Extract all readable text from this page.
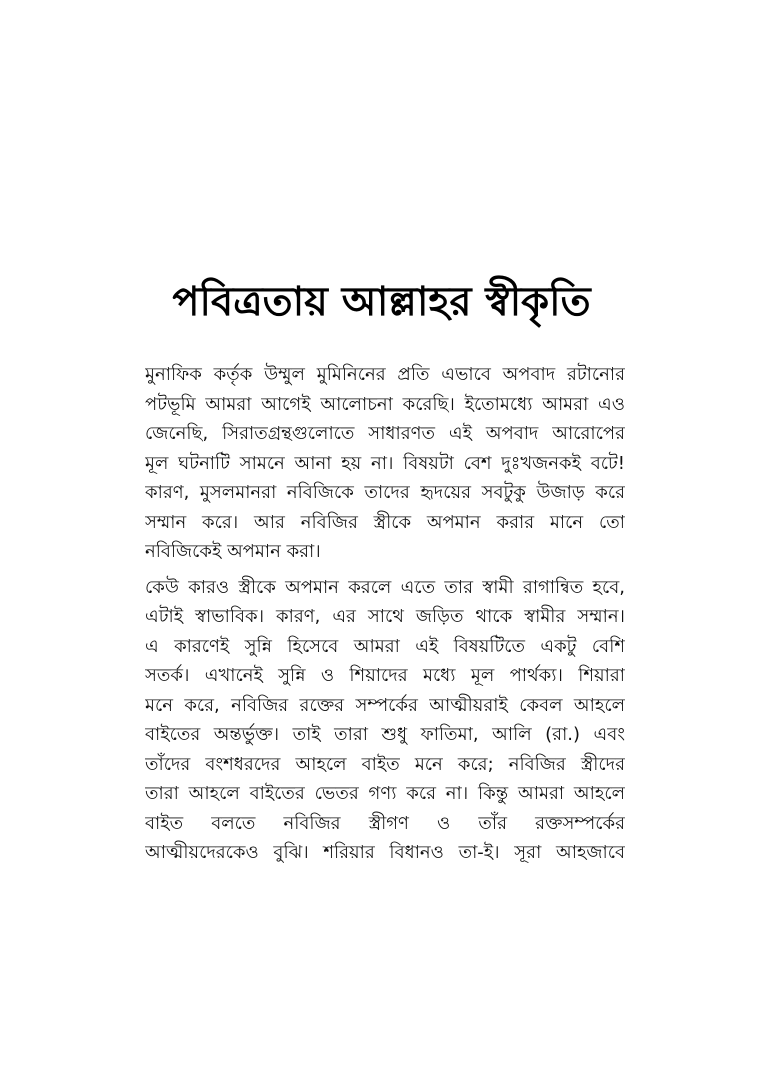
পবিত্রতায় আল্লাহর স্বীকৃতি

মুনাফিক কর্তৃক উম্মুল মুমিনিনের প্রতি এভাবে অপবাদ রটানোর
পটভূমি আমরা আগেই আলোচনা করেছি। ইতোমধ্যে আমরা এও
জেনেছি, সিরাতগ্রন্থগুলোতে সাধারণত এই অপবাদ আরোপের
মূল ঘটনাটি সামনে আনা হয় না। বিষয়টা বেশ দুঃখজনকই বটে!
কারণ, মুসলমানরা নবিজিকে তাদের হৃদয়ের সবটুকু উজাড় করে
সম্মান করে। আর নবিজির স্ত্রীকে অপমান করার মানে তো
নবিজিকেই অপমান করা।

কেউ কারও স্ত্রীকে অপমান করলে এতে তার স্বামী রাগান্বিত হবে,
এটাই স্বাভাবিক। কারণ, এর সাথে জড়িত থাকে স্বামীর সম্মান।
এ কারণেই সুন্নি হিসেবে আমরা এই বিষয়টিতে একটু বেশি
সতর্ক। এখানেই সুন্নি ও শিয়াদের মধ্যে মূল পার্থক্য। শিয়ারা
মনে করে, নবিজির রক্তের সম্পর্কের আত্মীয়রাই কেবল আহলে
বাইতের অন্তর্ভুক্ত। তাই তারা শুধু ফাতিমা, আলি (রা.) এবং
তাঁদের বংশধরদের আহলে বাইত মনে করে; নবিজির স্ত্রীদের
তারা আহলে বাইতের ভেতর গণ্য করে না। কিন্তু আমরা আহলে
বাইত বলতে নবিজির স্ত্রীগণ ও তাঁর রক্তসম্পর্কের
আত্মীয়দেরকেও বুঝি। শরিয়ার বিধানও তা-ই। সূরা আহজাবে
